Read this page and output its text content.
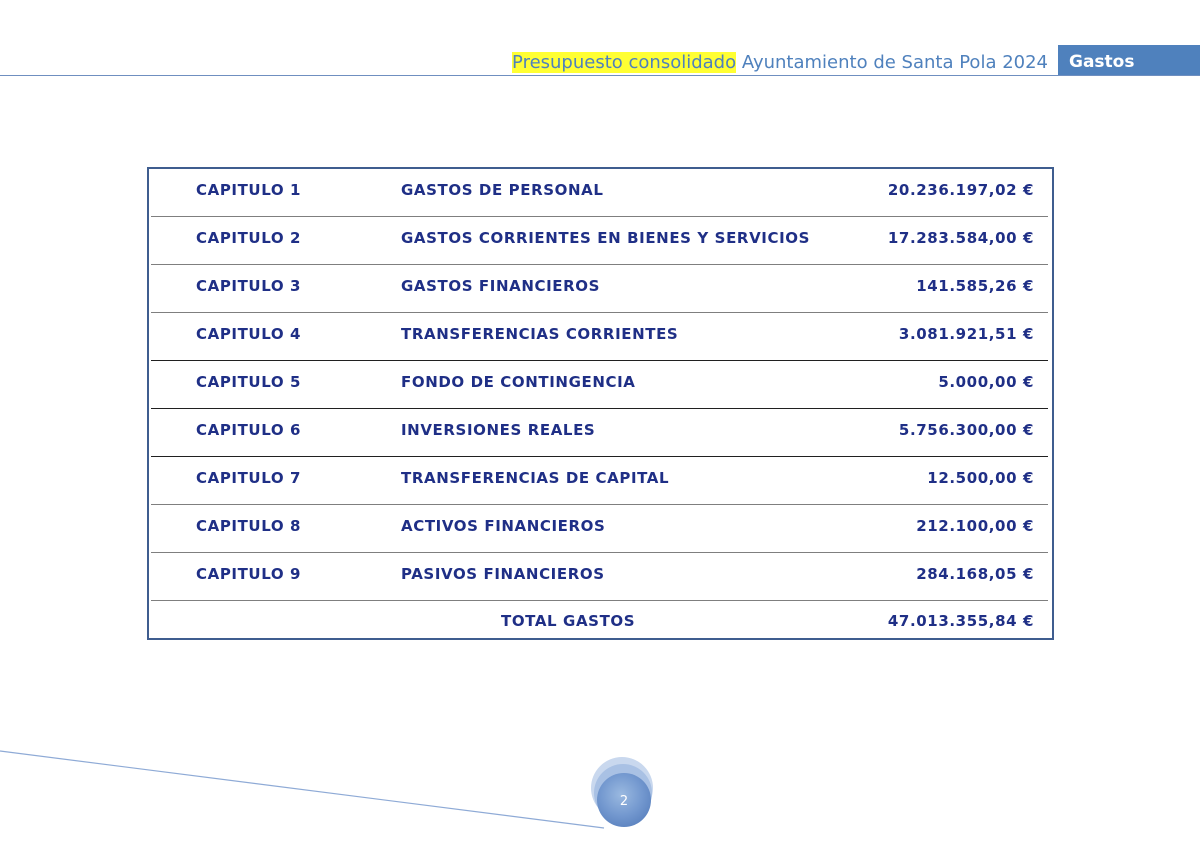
Presupuesto consolidado Ayuntamiento de Santa Pola 2024	Gastos
CAPITULO 1	GASTOS DE PERSONAL	20.236.197,02 €
CAPITULO 2	GASTOS CORRIENTES EN BIENES Y SERVICIOS	17.283.584,00 €
CAPITULO 3	GASTOS FINANCIEROS	141.585,26 €
CAPITULO 4	TRANSFERENCIAS CORRIENTES	3.081.921,51 €
CAPITULO 5	FONDO DE CONTINGENCIA	5.000,00 €
CAPITULO 6	INVERSIONES REALES	5.756.300,00 €
CAPITULO 7	TRANSFERENCIAS DE CAPITAL	12.500,00 €
CAPITULO 8	ACTIVOS FINANCIEROS	212.100,00 €
CAPITULO 9	PASIVOS FINANCIEROS	284.168,05 €
TOTAL GASTOS	47.013.355,84 €
2
